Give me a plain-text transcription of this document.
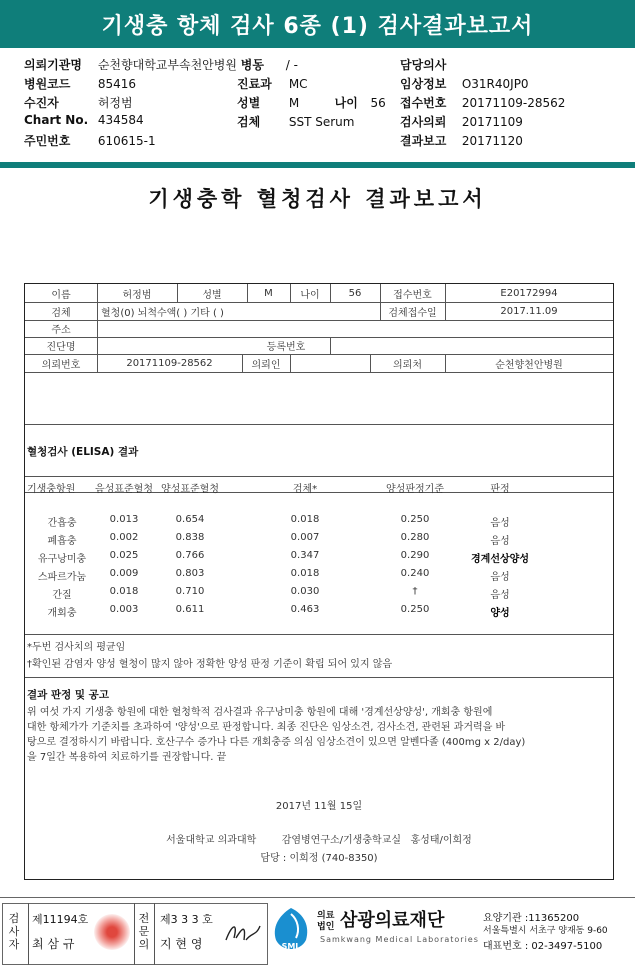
기생충 항체 검사 6종 (1) 검사결과보고서
의뢰기관명 순천향대학교부속천안병원 병동 / -	담당의사
병원코드 85416	진료과 MC	임상정보 O31R40JP0
수진자	허정범	성별 M	나이 56 접수번호 20171109-28562
Chart No. 434584	검체 SST Serum	검사의뢰 20171109
주민번호 610615-1	결과보고 20171120
기생충학 혈청검사 결과보고서
이름	허정범	성별	M	나이	56	접수번호	E20172994
검체	혈청(0) 뇌척수액( ) 기타 ( )	검체접수일	2017.11.09
주소
진단명	등록번호
의뢰번호	20171109-28562	의뢰인	의뢰처	순천향천안병원
혈청검사 (ELISA) 결과
기생충항원	음성표준혈청 양성표준혈청	검체*	양성판정기준	판정
간흡충	0.013	0.654	0.018	0.250	음성
폐흡충	0.002	0.838	0.007	0.280	음성
유구낭미충	0.025	0.766	0.347	0.290	경계선상양성
스파르가눔	0.009	0.803	0.018	0.240	음성
간질	0.018	0.710	0.030	†	음성
개회충	0.003	0.611	0.463	0.250	양성
*두번 검사치의 평균임
†확인된 감염자 양성 혈청이 많지 않아 정확한 양성 판정 기준이 확립 되어 있지 않음
결과 판정 및 공고
위 여섯 가지 기생충 항원에 대한 혈청학적 검사결과 유구낭미충 항원에 대해 '경계선상양성', 개회충 항원에
대한 항체가가 기준치를 초과하여 '양성'으로 판정합니다. 최종 진단은 임상소견, 검사소견, 관련된 과거력을 바
탕으로 결정하시기 바랍니다. 호산구수 증가나 다른 개회충증 의심 임상소견이 있으면 알벤다졸 (400mg x 2/day)
을 7일간 복용하여 치료하기를 권장합니다. 끝
2017년 11월 15일
서울대학교 의과대학        감염병연구소/기생충학교실   홍성태/이희정
담당 : 이희정 (740-8350)
검사자
제11194호
최 삼 규
전문의
제3 3 3 호
지 현 영	SML
의료
법인 삼광의료재단
Samkwang Medical Laboratories
요양기관 :11365200
서울특별시 서초구 양재동 9-60
대표번호 : 02-3497-5100
